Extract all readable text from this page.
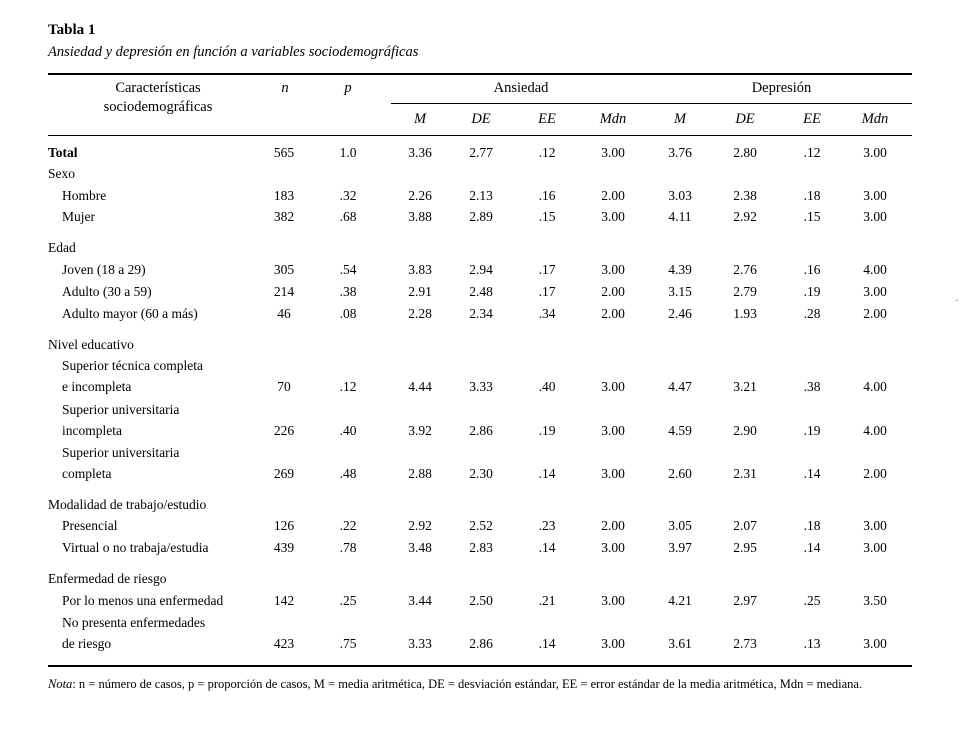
Tabla 1
Ansiedad y depresión en función a variables sociodemográficas
Características
sociodemográficas
n	p	Ansiedad	Depresión
M	DE	EE	Mdn	M	DE	EE	Mdn
Total	565	1.0	3.36	2.77	.12	3.00	3.76	2.80	.12	3.00
Sexo
Hombre	183	.32	2.26	2.13	.16	2.00	3.03	2.38	.18	3.00
Mujer	382	.68	3.88	2.89	.15	3.00	4.11	2.92	.15	3.00
Edad
Joven (18 a 29)	305	.54	3.83	2.94	.17	3.00	4.39	2.76	.16	4.00
Adulto (30 a 59)	214	.38	2.91	2.48	.17	2.00	3.15	2.79	.19	3.00
Adulto mayor (60 a más)	46	.08	2.28	2.34	.34	2.00	2.46	1.93	.28	2.00
Nivel educativo
Superior técnica completa
e incompleta	70	.12	4.44	3.33	.40	3.00	4.47	3.21	.38	4.00
Superior universitaria
incompleta	226	.40	3.92	2.86	.19	3.00	4.59	2.90	.19	4.00
Superior universitaria
completa	269	.48	2.88	2.30	.14	3.00	2.60	2.31	.14	2.00
Modalidad de trabajo/estudio
Presencial	126	.22	2.92	2.52	.23	2.00	3.05	2.07	.18	3.00
Virtual o no trabaja/estudia	439	.78	3.48	2.83	.14	3.00	3.97	2.95	.14	3.00
Enfermedad de riesgo
Por lo menos una enfermedad	142	.25	3.44	2.50	.21	3.00	4.21	2.97	.25	3.50
No presenta enfermedades
de riesgo	423	.75	3.33	2.86	.14	3.00	3.61	2.73	.13	3.00
Nota: n = número de casos, p = proporción de casos, M = media aritmética, DE = desviación estándar, EE = error estándar de la media aritmética, Mdn = mediana.
·
